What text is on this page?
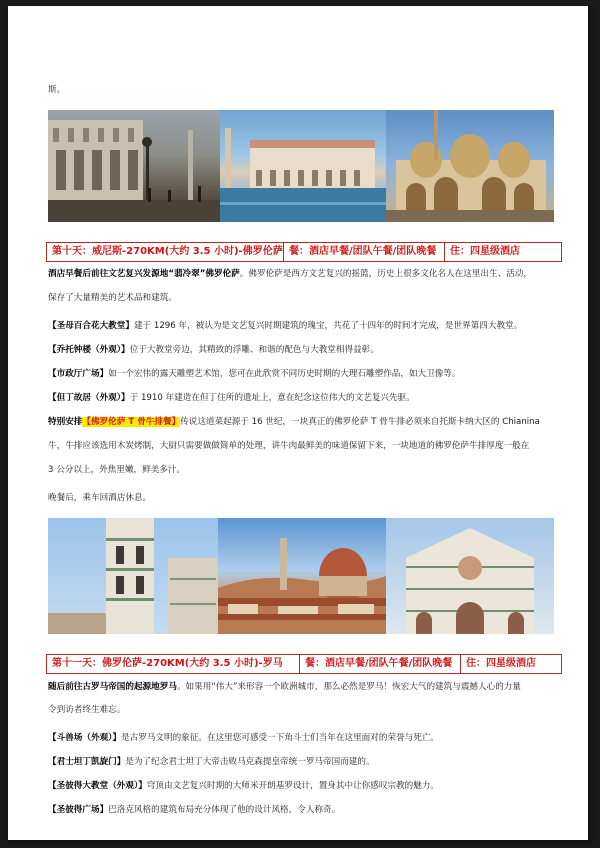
斯。
第十天：威尼斯-270KM(大约 3.5 小时)-佛罗伦萨 餐：酒店早餐/团队午餐/团队晚餐	住：四星级酒店
酒店早餐后前往文艺复兴发源地“翡冷翠”佛罗伦萨。佛罗伦萨是西方文艺复兴的摇篮，历史上很多文化名人在这里出生、活动，
保存了大量精美的艺术品和建筑。
【圣母百合花大教堂】建于 1296 年，被认为是文艺复兴时期建筑的瑰宝，共花了十四年的时间才完成，是世界第四大教堂。
【乔托钟楼（外观）】位于大教堂旁边，其精致的浮雕、和谐的配色与大教堂相得益彰。
【市政厅广场】如一个宏伟的露天雕塑艺术馆，您可在此欣赏不同历史时期的大理石雕塑作品，如大卫像等。
【但丁故居（外观）】于 1910 年建造在但丁住所的遗址上，意在纪念这位伟大的文艺复兴先驱。
特别安排【佛罗伦萨 T 骨牛排餐】传说这道菜起源于 16 世纪，一块真正的佛罗伦萨 T 骨牛排必须来自托斯卡纳大区的 Chianina
牛，牛排应该选用木炭烤制，大厨只需要做做简单的处理，讲牛肉最鲜美的味道保留下来，一块地道的佛罗伦萨牛排厚度一般在
3 公分以上，外焦里嫩，鲜美多汁。
晚餐后，乘车回酒店休息。
第十一天：佛罗伦萨-270KM(大约 3.5 小时)-罗马	餐：酒店早餐/团队午餐/团队晚餐	住：四星级酒店
随后前往古罗马帝国的起源地罗马。如果用“伟大”来形容一个欧洲城市，那么必然是罗马！恢宏大气的建筑与震撼人心的力量
令到访者终生难忘。
【斗兽场（外观）】是古罗马文明的象征。在这里您可感受一下角斗士们当年在这里面对的荣誉与死亡。
【君士坦丁凯旋门】是为了纪念君士坦丁大帝击败马克森提皇帝统一罗马帝国而建的。
【圣彼得大教堂（外观）】穹顶由文艺复兴时期的大师米开朗基罗设计，置身其中让你感叹宗教的魅力。
【圣彼得广场】巴洛克风格的建筑布局充分体现了他的设计风格，令人称奇。
